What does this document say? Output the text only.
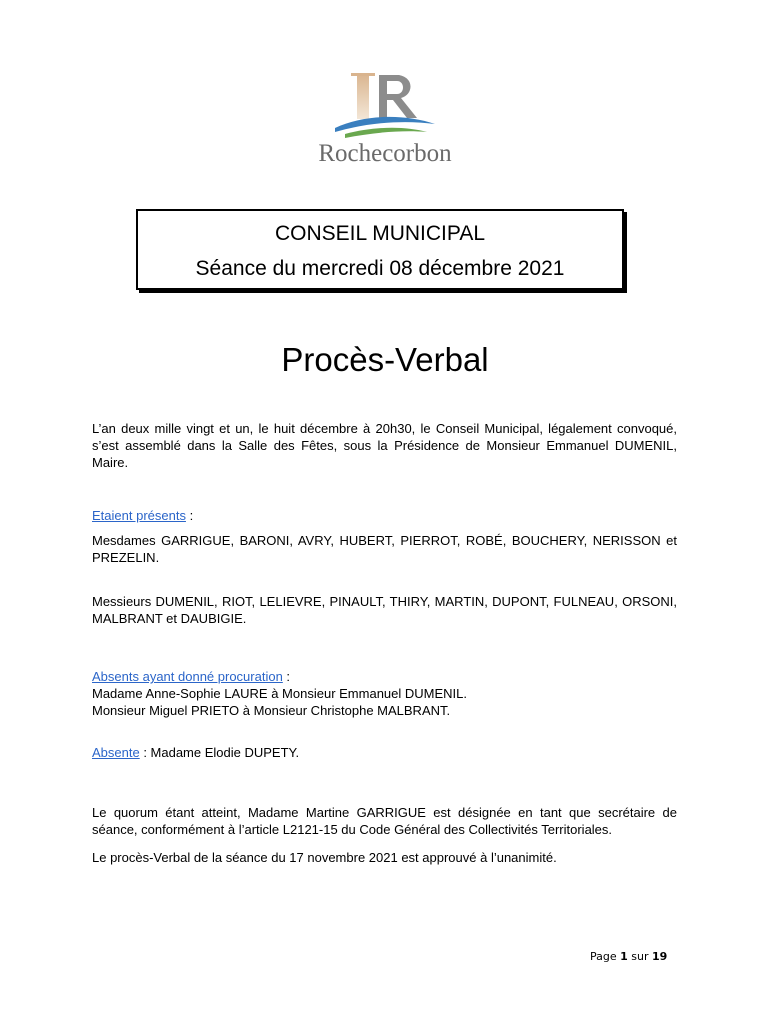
Rochecorbon
CONSEIL MUNICIPAL
Séance du mercredi 08 décembre 2021
Procès-Verbal
L’an deux mille vingt et un, le huit décembre à 20h30, le Conseil Municipal, légalement convoqué, s’est assemblé dans la Salle des Fêtes, sous la Présidence de Monsieur Emmanuel DUMENIL, Maire.
Etaient présents :
Mesdames GARRIGUE, BARONI, AVRY, HUBERT, PIERROT, ROBÉ, BOUCHERY, NERISSON et PREZELIN.
Messieurs DUMENIL, RIOT, LELIEVRE, PINAULT, THIRY, MARTIN, DUPONT, FULNEAU, ORSONI, MALBRANT et DAUBIGIE.
Absents ayant donné procuration :
Madame Anne-Sophie LAURE à Monsieur Emmanuel DUMENIL.
Monsieur Miguel PRIETO à Monsieur Christophe MALBRANT.
Absente : Madame Elodie DUPETY.
Le quorum étant atteint, Madame Martine GARRIGUE est désignée en tant que secrétaire de séance, conformément à l’article L2121-15 du Code Général des Collectivités Territoriales.
Le procès-Verbal de la séance du 17 novembre 2021 est approuvé à l’unanimité.
Page 1 sur 19
